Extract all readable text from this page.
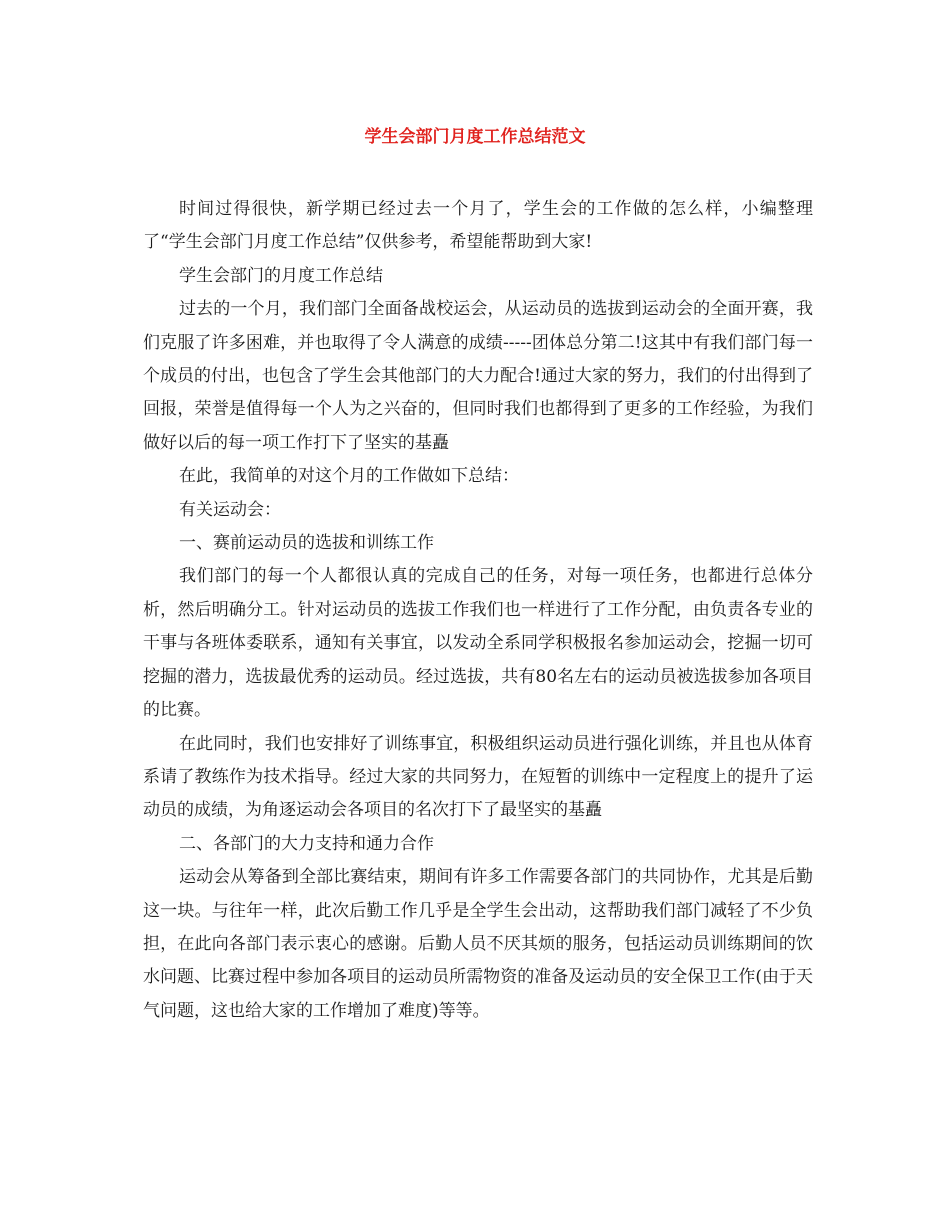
学生会部门月度工作总结范文

时间过得很快，新学期已经过去一个月了，学生会的工作做的怎么样，小编整理了“学生会部门月度工作总结”仅供参考，希望能帮助到大家!

学生会部门的月度工作总结

过去的一个月，我们部门全面备战校运会，从运动员的选拔到运动会的全面开赛，我们克服了许多困难，并也取得了令人满意的成绩-----团体总分第二!这其中有我们部门每一个成员的付出，也包含了学生会其他部门的大力配合!通过大家的努力，我们的付出得到了回报，荣誉是值得每一个人为之兴奋的，但同时我们也都得到了更多的工作经验，为我们做好以后的每一项工作打下了坚实的基矗

在此，我简单的对这个月的工作做如下总结：

有关运动会：

一、赛前运动员的选拔和训练工作

我们部门的每一个人都很认真的完成自己的任务，对每一项任务，也都进行总体分析，然后明确分工。针对运动员的选拔工作我们也一样进行了工作分配，由负责各专业的干事与各班体委联系，通知有关事宜，以发动全系同学积极报名参加运动会，挖掘一切可挖掘的潜力，选拔最优秀的运动员。经过选拔，共有80名左右的运动员被选拔参加各项目的比赛。

在此同时，我们也安排好了训练事宜，积极组织运动员进行强化训练，并且也从体育系请了教练作为技术指导。经过大家的共同努力，在短暂的训练中一定程度上的提升了运动员的成绩，为角逐运动会各项目的名次打下了最坚实的基矗

二、各部门的大力支持和通力合作

运动会从筹备到全部比赛结束，期间有许多工作需要各部门的共同协作，尤其是后勤这一块。与往年一样，此次后勤工作几乎是全学生会出动，这帮助我们部门减轻了不少负担，在此向各部门表示衷心的感谢。后勤人员不厌其烦的服务，包括运动员训练期间的饮水问题、比赛过程中参加各项目的运动员所需物资的准备及运动员的安全保卫工作(由于天气问题，这也给大家的工作增加了难度)等等。
